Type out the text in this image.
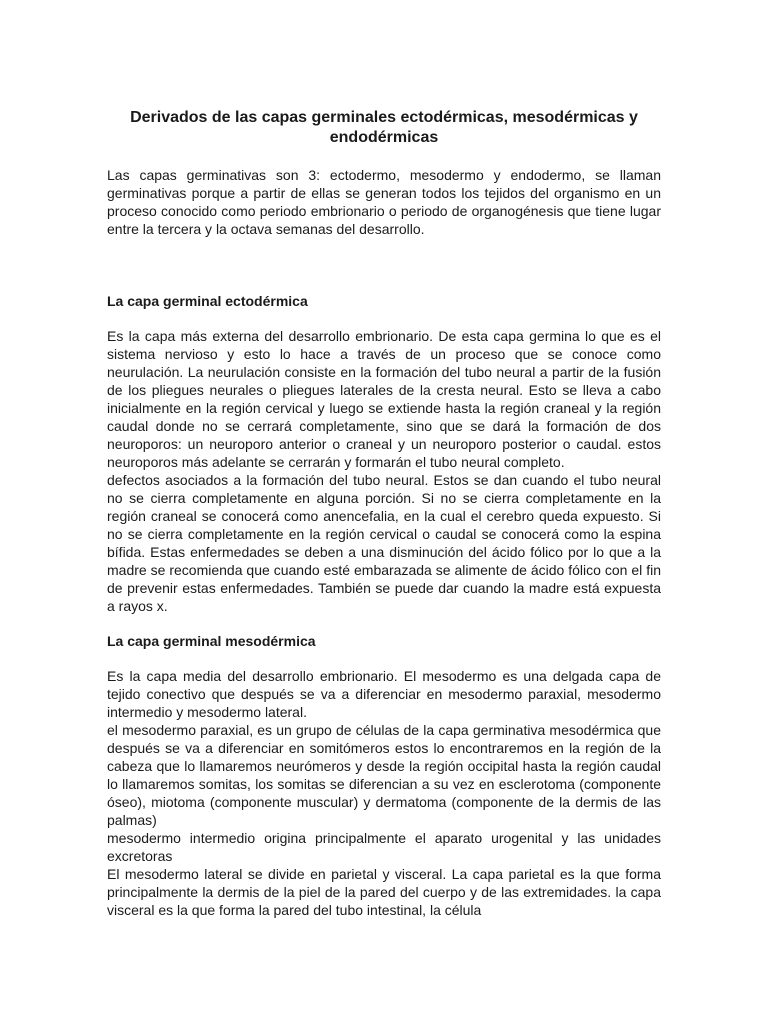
Derivados de las capas germinales ectodérmicas, mesodérmicas y endodérmicas

Las capas germinativas son 3: ectodermo, mesodermo y endodermo, se llaman germinativas porque a partir de ellas se generan todos los tejidos del organismo en un proceso conocido como periodo embrionario o periodo de organogénesis que tiene lugar entre la tercera y la octava semanas del desarrollo.

La capa germinal ectodérmica

Es la capa más externa del desarrollo embrionario. De esta capa germina lo que es el sistema nervioso y esto lo hace a través de un proceso que se conoce como neurulación. La neurulación consiste en la formación del tubo neural a partir de la fusión de los pliegues neurales o pliegues laterales de la cresta neural. Esto se lleva a cabo inicialmente en la región cervical y luego se extiende hasta la región craneal y la región caudal donde no se cerrará completamente, sino que se dará la formación de dos neuroporos: un neuroporo anterior o craneal y un neuroporo posterior o caudal. estos neuroporos más adelante se cerrarán y formarán el tubo neural completo.

defectos asociados a la formación del tubo neural. Estos se dan cuando el tubo neural no se cierra completamente en alguna porción. Si no se cierra completamente en la región craneal se conocerá como anencefalia, en la cual el cerebro queda expuesto. Si no se cierra completamente en la región cervical o caudal se conocerá como la espina bífida. Estas enfermedades se deben a una disminución del ácido fólico por lo que a la madre se recomienda que cuando esté embarazada se alimente de ácido fólico con el fin de prevenir estas enfermedades. También se puede dar cuando la madre está expuesta a rayos x.

La capa germinal mesodérmica

Es la capa media del desarrollo embrionario. El mesodermo es una delgada capa de tejido conectivo que después se va a diferenciar en mesodermo paraxial, mesodermo intermedio y mesodermo lateral.

el mesodermo paraxial, es un grupo de células de la capa germinativa mesodérmica que después se va a diferenciar en somitómeros estos lo encontraremos en la región de la cabeza que lo llamaremos neurómeros y desde la región occipital hasta la región caudal lo llamaremos somitas, los somitas se diferencian a su vez en esclerotoma (componente óseo), miotoma (componente muscular) y dermatoma (componente de la dermis de las palmas)

mesodermo intermedio origina principalmente el aparato urogenital y las unidades excretoras

El mesodermo lateral se divide en parietal y visceral. La capa parietal es la que forma principalmente la dermis de la piel de la pared del cuerpo y de las extremidades. la capa visceral es la que forma la pared del tubo intestinal, la célula
